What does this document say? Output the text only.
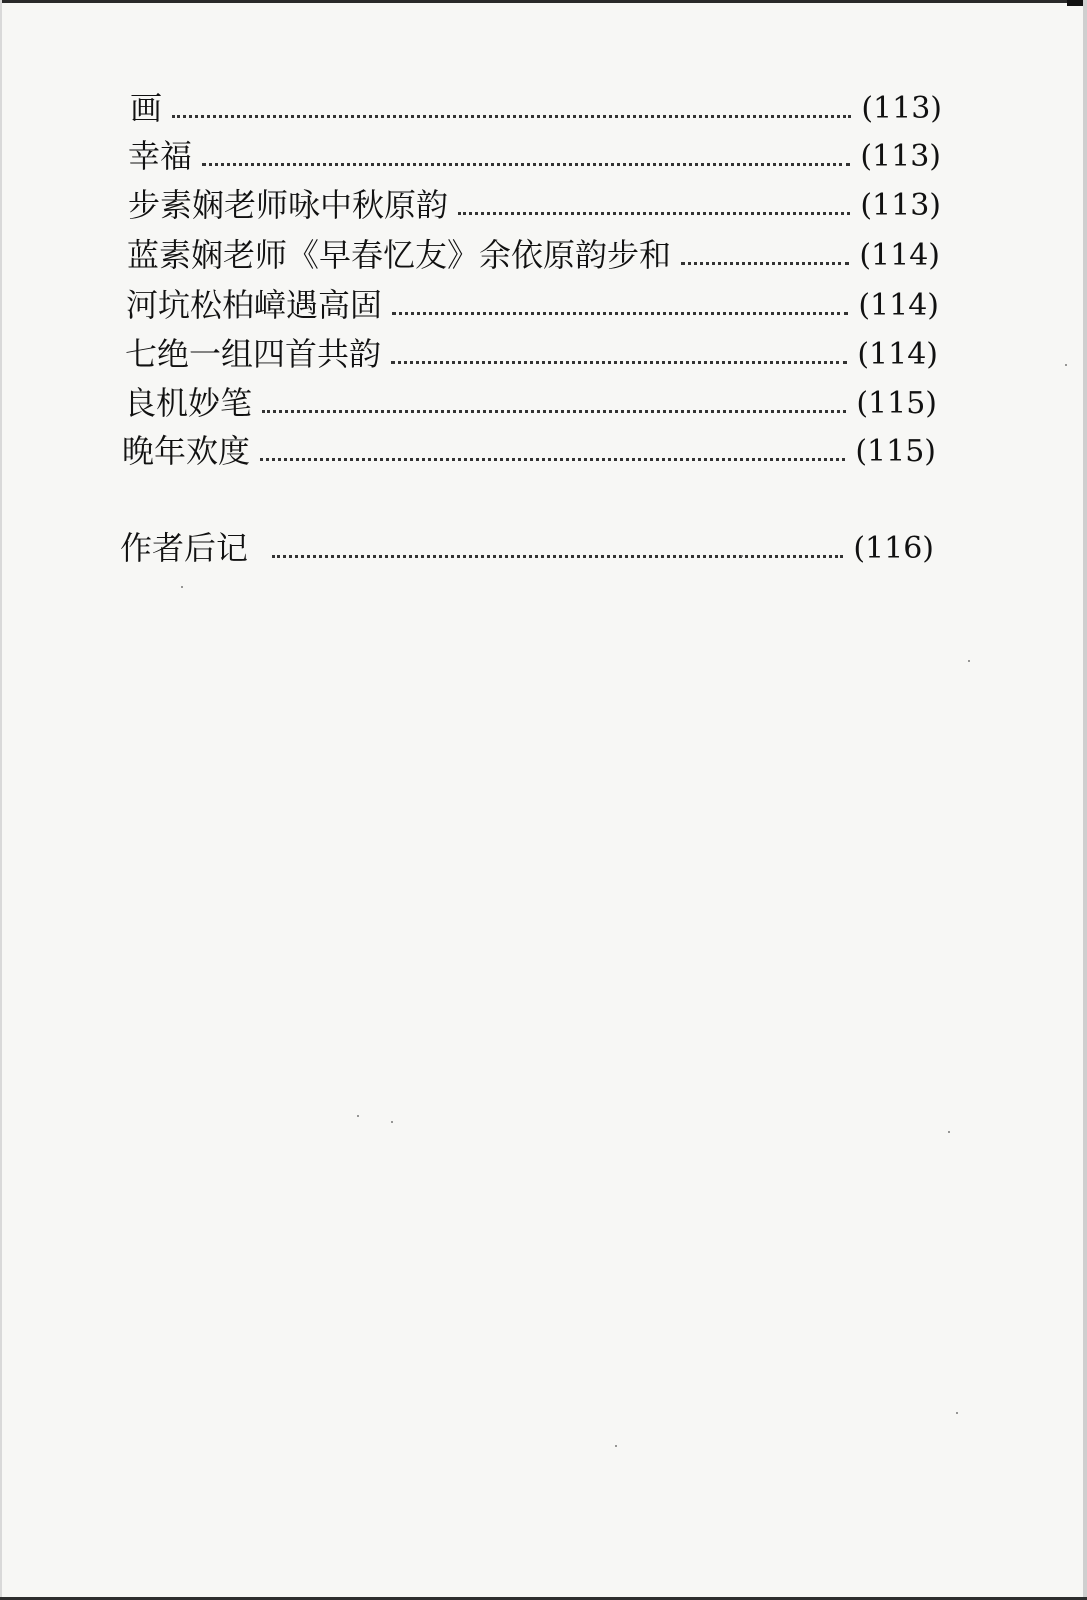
画	(113)
幸福	(113)
步素娴老师咏中秋原韵	(113)
蓝素娴老师《早春忆友》余依原韵步和	(114)
河坑松柏嶂遇高固	(114)
七绝一组四首共韵	(114)
良机妙笔	(115)
晚年欢度	(115)
作者后记	(116)
